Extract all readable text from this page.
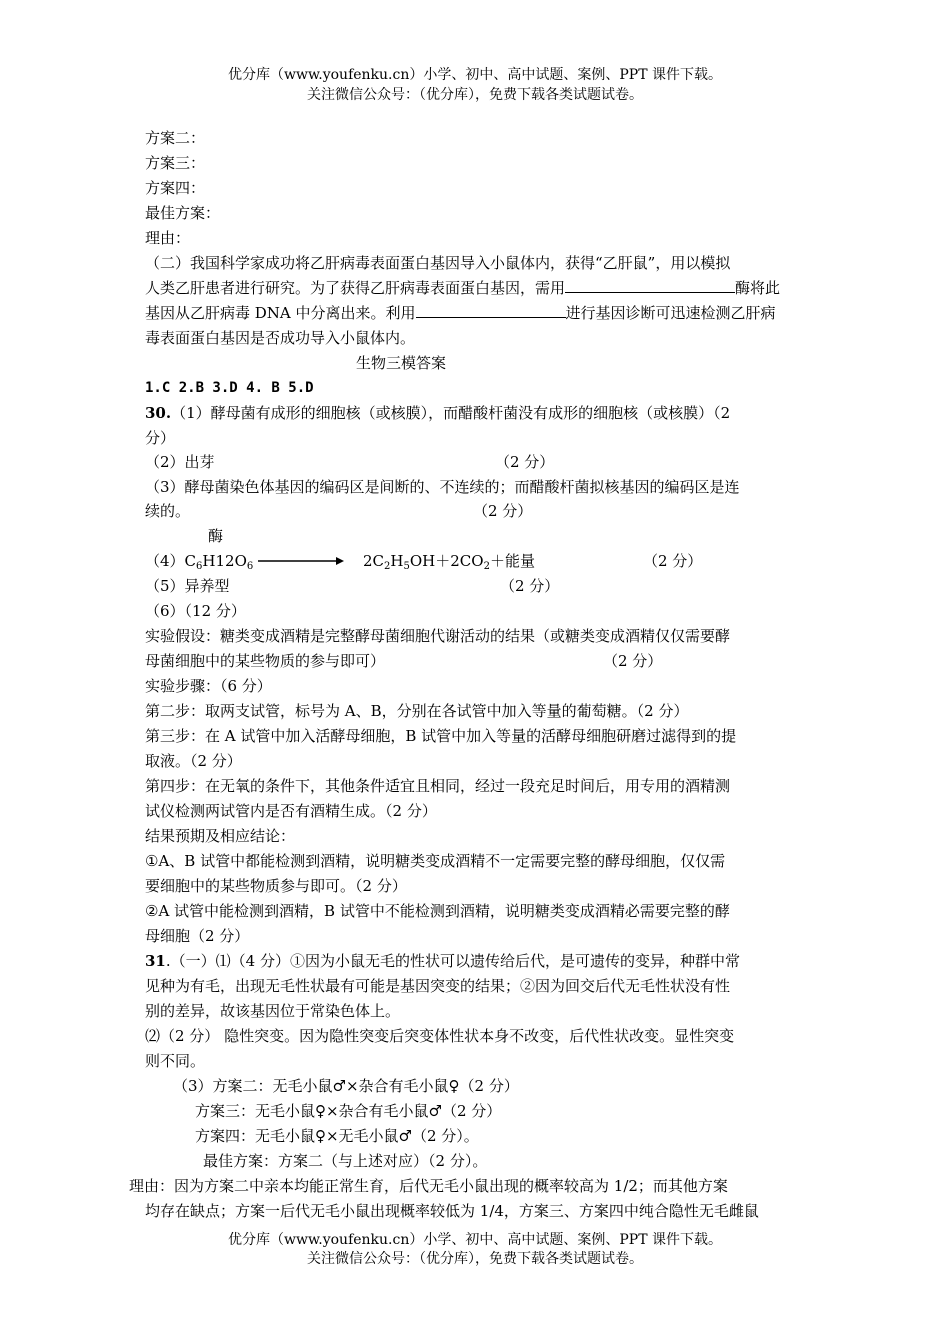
优分库（www.youfenku.cn）小学、初中、高中试题、案例、PPT 课件下载。
关注微信公众号：（优分库），免费下载各类试题试卷。
方案二：
方案三：
方案四：
最佳方案：
理由：
（二）我国科学家成功将乙肝病毒表面蛋白基因导入小鼠体内，获得“乙肝鼠”，用以模拟
人类乙肝患者进行研究。为了获得乙肝病毒表面蛋白基因，需用	酶将此
基因从乙肝病毒 DNA 中分离出来。利用	进行基因诊断可迅速检测乙肝病
毒表面蛋白基因是否成功导入小鼠体内。
生物三模答案
1.C 2.B 3.D 4. B 5.D
30.（1）酵母菌有成形的细胞核（或核膜），而醋酸杆菌没有成形的细胞核（或核膜）（2
分）
（2）出芽	（2 分）
（3）酵母菌染色体基因的编码区是间断的、不连续的；而醋酸杆菌拟核基因的编码区是连
续的。	（2 分）
酶
$(4)C_6H12O_6$	$2C_2H_5OH+2CO_2+$能量	（2 分）
（5）异养型	（2 分）
（6）（12 分）
实验假设：糖类变成酒精是完整酵母菌细胞代谢活动的结果（或糖类变成酒精仅仅需要酵
母菌细胞中的某些物质的参与即可）	（2 分）
实验步骤：（6 分）
第二步：取两支试管，标号为 A、B，分别在各试管中加入等量的葡萄糖。（2 分）
第三步：在 A 试管中加入活酵母细胞，B 试管中加入等量的活酵母细胞研磨过滤得到的提
取液。（2 分）
第四步：在无氧的条件下，其他条件适宜且相同，经过一段充足时间后，用专用的酒精测
试仪检测两试管内是否有酒精生成。（2 分）
结果预期及相应结论：
①A、B 试管中都能检测到酒精，说明糖类变成酒精不一定需要完整的酵母细胞，仅仅需
要细胞中的某些物质参与即可。（2 分）
②A 试管中能检测到酒精，B 试管中不能检测到酒精，说明糖类变成酒精必需要完整的酵
母细胞（2 分）
31.（一）⑴（4 分）①因为小鼠无毛的性状可以遗传给后代，是可遗传的变异，种群中常
见种为有毛，出现无毛性状最有可能是基因突变的结果；②因为回交后代无毛性状没有性
别的差异，故该基因位于常染色体上。
⑵（2 分） 隐性突变。因为隐性突变后突变体性状本身不改变，后代性状改变。显性突变
则不同。
（3）方案二：无毛小鼠♂×杂合有毛小鼠♀（2 分）
方案三：无毛小鼠♀×杂合有毛小鼠♂（2 分）
方案四：无毛小鼠♀×无毛小鼠♂（2 分）。
最佳方案：方案二（与上述对应）（2 分）。
理由：因为方案二中亲本均能正常生育，后代无毛小鼠出现的概率较高为 1/2；而其他方案
均存在缺点；方案一后代无毛小鼠出现概率较低为 1/4，方案三、方案四中纯合隐性无毛雌鼠
优分库（www.youfenku.cn）小学、初中、高中试题、案例、PPT 课件下载。
关注微信公众号：（优分库），免费下载各类试题试卷。
